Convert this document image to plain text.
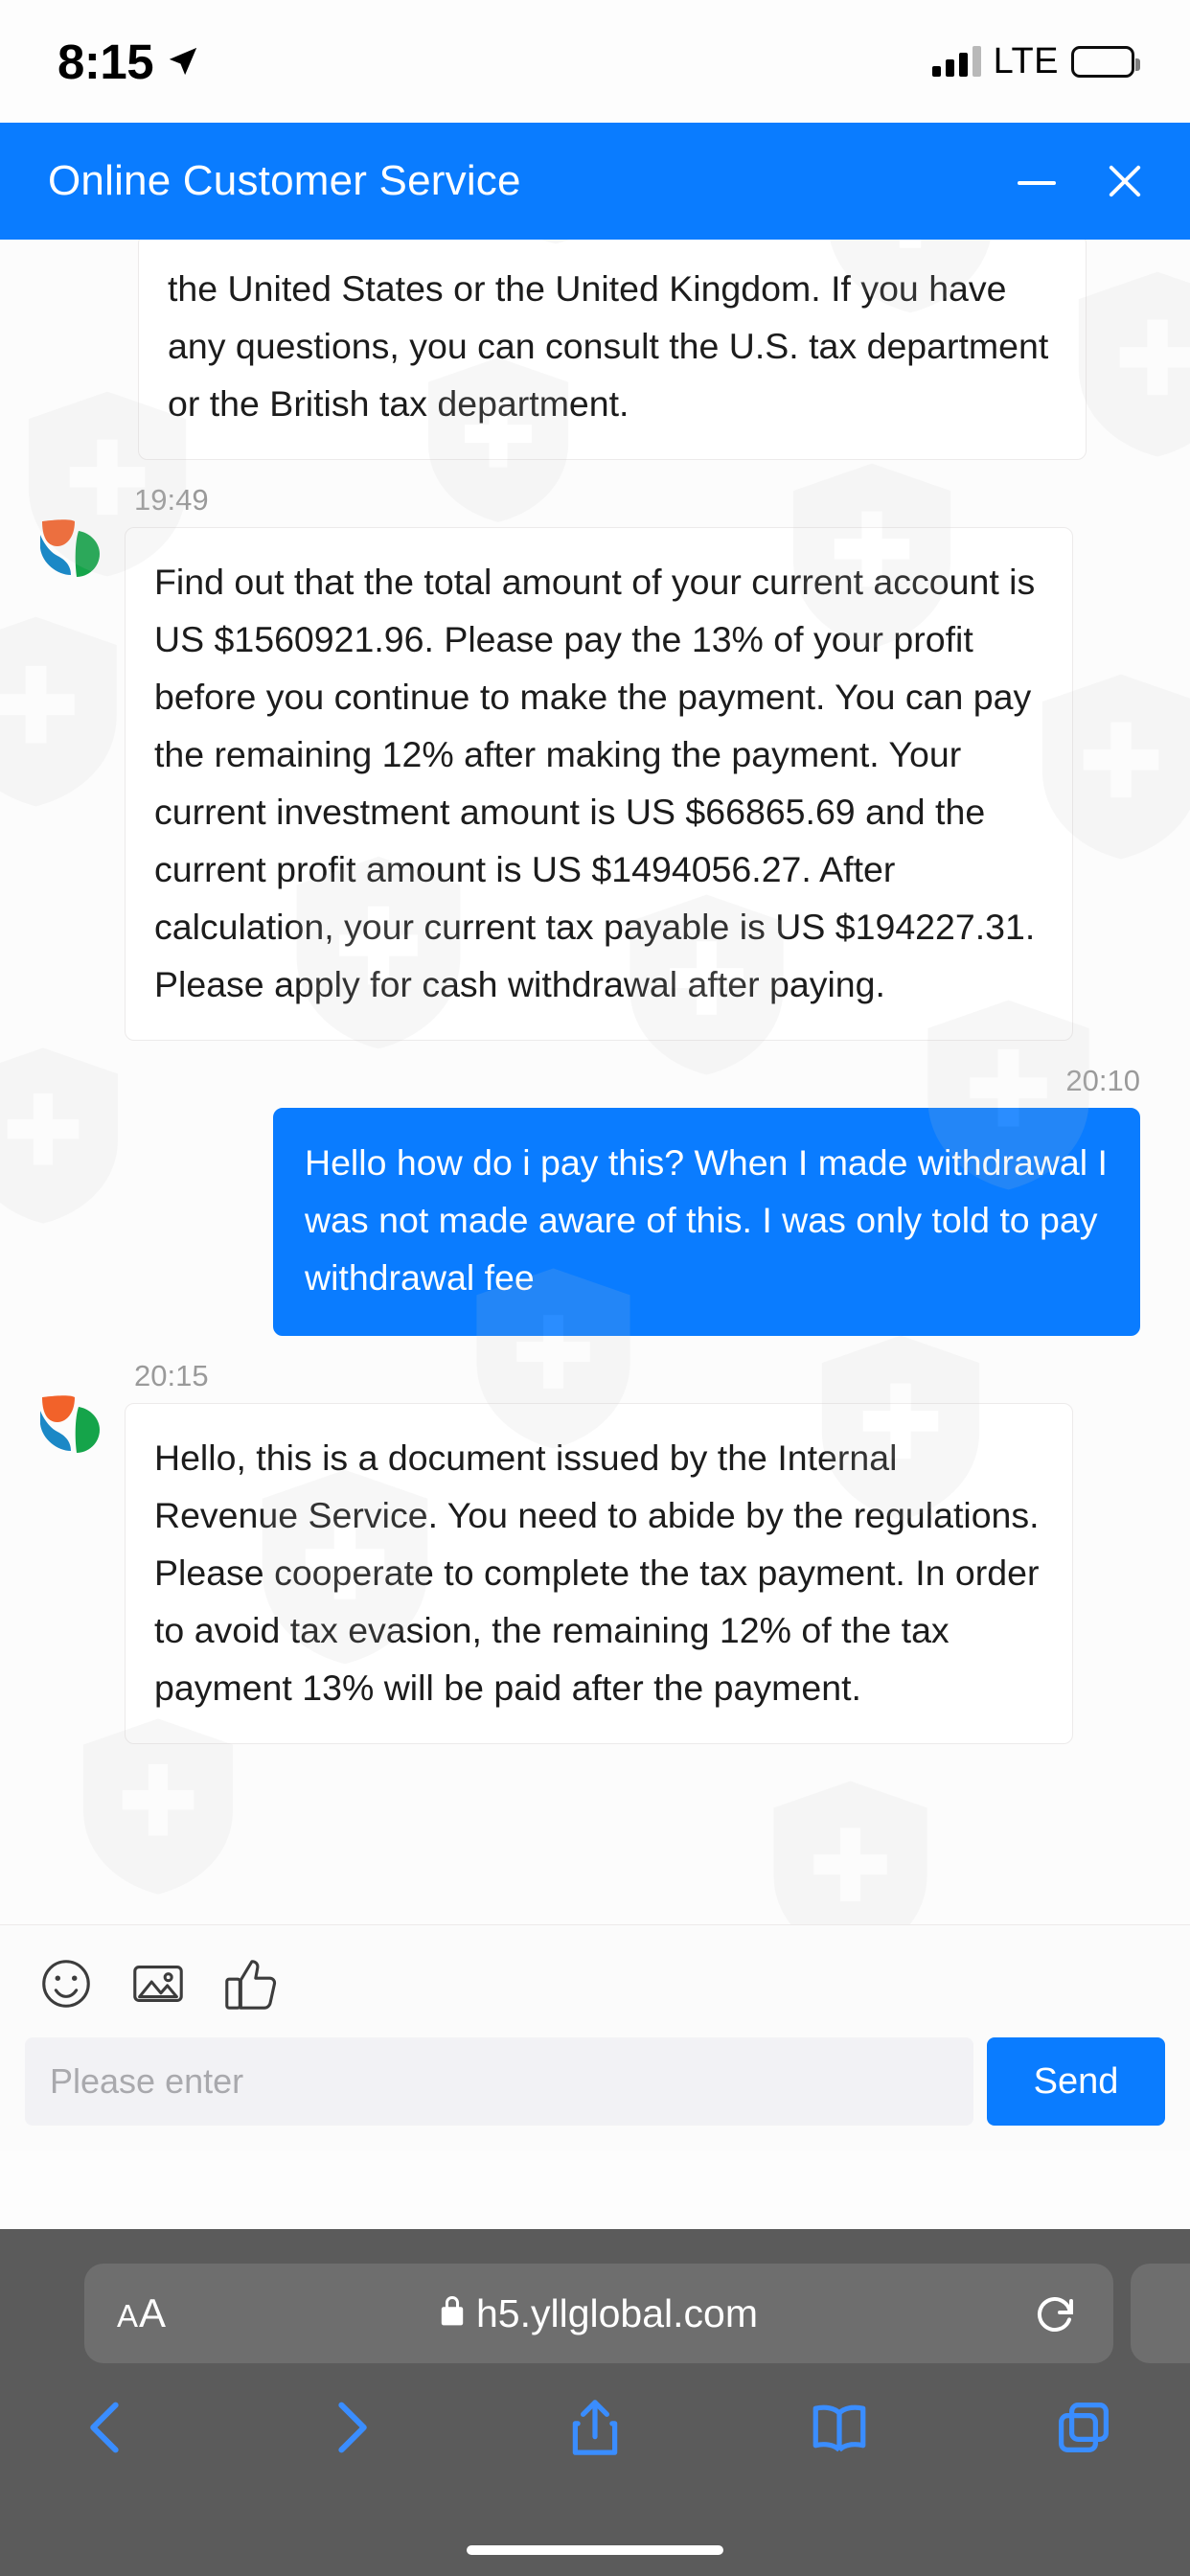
8:15	LTE
Online Customer Service
the United States or the United Kingdom. If you have any questions, you can consult the U.S. tax department or the British tax department.
19:49
Find out that the total amount of your current account is US $1560921.96. Please pay the 13% of your profit before you continue to make the payment. You can pay the remaining 12% after making the payment. Your current investment amount is US $66865.69 and the current profit amount is US $1494056.27. After calculation, your current tax payable is US $194227.31. Please apply for cash withdrawal after paying.
20:10
Hello how do i pay this? When I made withdrawal I was not made aware of this. I was only told to pay withdrawal fee
20:15
Hello, this is a document issued by the Internal Revenue Service. You need to abide by the regulations. Please cooperate to complete the tax payment. In order to avoid tax evasion, the remaining 12% of the tax payment 13% will be paid after the payment.
Please enter
Send
AA	h5.yllglobal.com
